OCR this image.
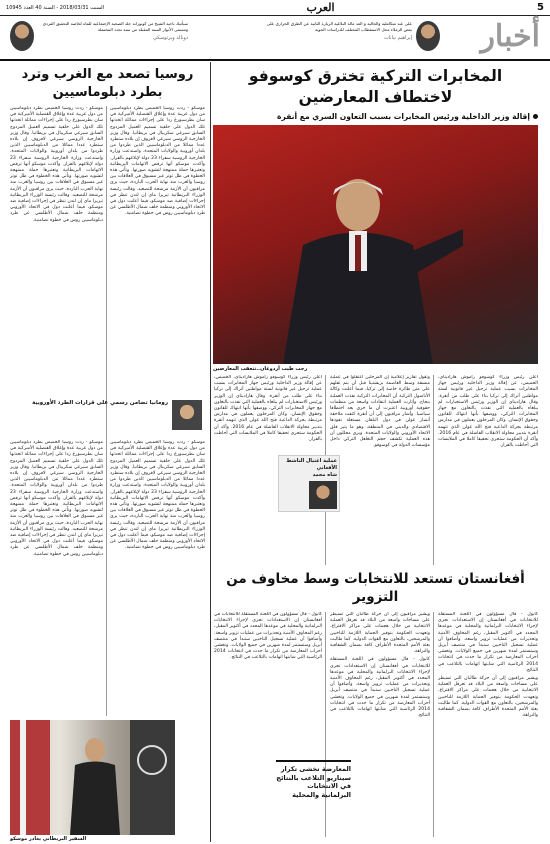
5
العرب
السبت 2018/03/31 - السنة 40 العدد 10945
أخبار
على عبد متكاملية والجالية و العد مالة البلاغية الزيارة الثانية عن الطرق الحراري على بعض الزملاء محل الاستقطاب المختلف للدراسات الجوية
إبراهيم بيانات
سيأتيك ناحية الشيخ من كونوزانه جلد الصحية الإجتماعية للماه لخاصة التحقيق الفردي ومسمى الأنوار السنة المقبلة من سنة تجدد المحتملة
دونالد ويرتوسكي
المخابرات التركية تخترق كوسوفو لاختطاف المعارضين
إقالة وزير الداخلية ورئيس المخابرات بسبب التعاون السري مع أنقرة
رجب طيب أردوغان..تتعقب المعارضين

أعلن رئيس وزراء كوسوفو راموش هاراديناي، الخميس، عن إقالة وزير الداخلية ورئيس جهاز المخابرات بسبب عملية ترحيل غير قانونية لستة مواطنين أتراك إلى تركيا بناء على طلب من أنقرة. وقال هاراديناي إن الوزير ورئيس الاستخبارات لم يبلغاه بالعملية التي نفذت بالتعاون مع جهاز المخابرات التركي، ووصفها بأنها انتهاك للقانون وحقوق الإنسان. وكان المرحلون يعملون في مدارس مرتبطة بحركة الداعية فتح الله غولن الذي تتهمه أنقرة بتدبير محاولة الانقلاب الفاشلة في عام 2016. وأكد أن الحكومة ستجري تحقيقا كاملا في الملابسات التي أحاطت بالقرار.

وتقول تقارير إعلامية إن المرحلين اعتقلوا في عملية منسقة وسط العاصمة بريشتينا قبل أن يتم نقلهم على متن طائرة خاصة إلى تركيا، فيما أعلنت وكالة الأناضول التركية أن المخابرات التركية نفذت العملية بنجاح. وأثارت العملية انتقادات واسعة من منظمات حقوقية أوروبية اعتبرت أن ما جرى يعد اختطافا سياسيا. وأشار مراقبون إلى أن أنقرة كثفت ملاحقة أنصار غولن في دول البلقان مستغلة نفوذها الاقتصادي والديني في المنطقة، وهو ما يثير قلق الاتحاد الأوروبي والولايات المتحدة. ويرى محللون أن هذه العملية تكشف حجم التغلغل التركي داخل مؤسسات الدولة في كوسوفو.

أعلن رئيس وزراء كوسوفو راموش هاراديناي، الخميس، عن إقالة وزير الداخلية ورئيس جهاز المخابرات بسبب عملية ترحيل غير قانونية لستة مواطنين أتراك إلى تركيا بناء على طلب من أنقرة. وقال هاراديناي إن الوزير ورئيس الاستخبارات لم يبلغاه بالعملية التي نفذت بالتعاون مع جهاز المخابرات التركي، ووصفها بأنها انتهاك للقانون وحقوق الإنسان. وكان المرحلون يعملون في مدارس مرتبطة بحركة الداعية فتح الله غولن الذي تتهمه أنقرة بتدبير محاولة الانقلاب الفاشلة في عام 2016. وأكد أن الحكومة ستجري تحقيقا كاملا في الملابسات التي أحاطت بالقرار.

عملية اغتيال الناشط الأفغاني
شاه محمد
روسيا تصعد مع الغرب وترد بطرد دبلوماسيين

موسكو - ردت روسيا الخميس بطرد دبلوماسيين من دول غربية عدة وإغلاق القنصلية الأميركية في سان بطرسبورغ ردا على إجراءات مماثلة اتخذتها تلك الدول على خلفية تسميم العميل المزدوج السابق سيرغي سكريبال في بريطانيا. وقال وزير الخارجية الروسي سيرغي لافروف إن بلاده ستطرد عددا مماثلا من الدبلوماسيين الذين طردوا من بلدان أوروبية والولايات المتحدة. واستدعت وزارة الخارجية الروسية سفراء 23 دولة لإبلاغهم بالقرار. وأكدت موسكو أنها ترفض الاتهامات البريطانية وتعتبرها حملة ممنهجة لتشويه صورتها. وتأتي هذه الخطوة في ظل توتر غير مسبوق في العلاقات بين روسيا والغرب منذ نهاية الحرب الباردة، حيث يرى مراقبون أن الأزمة مرشحة للتصعيد. وقالت رئيسة الوزراء البريطانية تيريزا ماي إن لندن تنظر في إجراءات إضافية ضد موسكو، فيما أعلنت دول في الاتحاد الأوروبي ومنظمة حلف شمال الأطلسي عن طرد دبلوماسيين روس في خطوة تضامنية.

موسكو - ردت روسيا الخميس بطرد دبلوماسيين من دول غربية عدة وإغلاق القنصلية الأميركية في سان بطرسبورغ ردا على إجراءات مماثلة اتخذتها تلك الدول على خلفية تسميم العميل المزدوج السابق سيرغي سكريبال في بريطانيا. وقال وزير الخارجية الروسي سيرغي لافروف إن بلاده ستطرد عددا مماثلا من الدبلوماسيين الذين طردوا من بلدان أوروبية والولايات المتحدة. واستدعت وزارة الخارجية الروسية سفراء 23 دولة لإبلاغهم بالقرار. وأكدت موسكو أنها ترفض الاتهامات البريطانية وتعتبرها حملة ممنهجة لتشويه صورتها. وتأتي هذه الخطوة في ظل توتر غير مسبوق في العلاقات بين روسيا والغرب منذ نهاية الحرب الباردة، حيث يرى مراقبون أن الأزمة مرشحة للتصعيد. وقالت رئيسة الوزراء البريطانية تيريزا ماي إن لندن تنظر في إجراءات إضافية ضد موسكو، فيما أعلنت دول في الاتحاد الأوروبي ومنظمة حلف شمال الأطلسي عن طرد دبلوماسيين روس في خطوة تضامنية.

رومانيا تضامن رسمي على قرارات الطرد الأوروبية

موسكو - ردت روسيا الخميس بطرد دبلوماسيين من دول غربية عدة وإغلاق القنصلية الأميركية في سان بطرسبورغ ردا على إجراءات مماثلة اتخذتها تلك الدول على خلفية تسميم العميل المزدوج السابق سيرغي سكريبال في بريطانيا. وقال وزير الخارجية الروسي سيرغي لافروف إن بلاده ستطرد عددا مماثلا من الدبلوماسيين الذين طردوا من بلدان أوروبية والولايات المتحدة. واستدعت وزارة الخارجية الروسية سفراء 23 دولة لإبلاغهم بالقرار. وأكدت موسكو أنها ترفض الاتهامات البريطانية وتعتبرها حملة ممنهجة لتشويه صورتها. وتأتي هذه الخطوة في ظل توتر غير مسبوق في العلاقات بين روسيا والغرب منذ نهاية الحرب الباردة، حيث يرى مراقبون أن الأزمة مرشحة للتصعيد. وقالت رئيسة الوزراء البريطانية تيريزا ماي إن لندن تنظر في إجراءات إضافية ضد موسكو، فيما أعلنت دول في الاتحاد الأوروبي ومنظمة حلف شمال الأطلسي عن طرد دبلوماسيين روس في خطوة تضامنية.

موسكو - ردت روسيا الخميس بطرد دبلوماسيين من دول غربية عدة وإغلاق القنصلية الأميركية في سان بطرسبورغ ردا على إجراءات مماثلة اتخذتها تلك الدول على خلفية تسميم العميل المزدوج السابق سيرغي سكريبال في بريطانيا. وقال وزير الخارجية الروسي سيرغي لافروف إن بلاده ستطرد عددا مماثلا من الدبلوماسيين الذين طردوا من بلدان أوروبية والولايات المتحدة. واستدعت وزارة الخارجية الروسية سفراء 23 دولة لإبلاغهم بالقرار. وأكدت موسكو أنها ترفض الاتهامات البريطانية وتعتبرها حملة ممنهجة لتشويه صورتها. وتأتي هذه الخطوة في ظل توتر غير مسبوق في العلاقات بين روسيا والغرب منذ نهاية الحرب الباردة، حيث يرى مراقبون أن الأزمة مرشحة للتصعيد. وقالت رئيسة الوزراء البريطانية تيريزا ماي إن لندن تنظر في إجراءات إضافية ضد موسكو، فيما أعلنت دول في الاتحاد الأوروبي ومنظمة حلف شمال الأطلسي عن طرد دبلوماسيين روس في خطوة تضامنية.

السفير البريطاني يغادر موسكو
أفغانستان تستعد للانتخابات وسط مخاوف من التزوير

كابول - قال مسؤولون في اللجنة المستقلة للانتخابات في أفغانستان إن الاستعدادات تجري لإجراء الانتخابات البرلمانية والمحلية في موعدها المحدد في أكتوبر المقبل، رغم المخاوف الأمنية وتحذيرات من عمليات تزوير واسعة. وأضافوا أن عملية تسجيل الناخبين ستبدأ في منتصف أبريل وستستمر لمدة شهرين في جميع الولايات. وتخشى أحزاب المعارضة من تكرار ما حدث في انتخابات 2014 الرئاسية التي شابتها اتهامات بالتلاعب في النتائج.

ويشير مراقبون إلى أن حركة طالبان التي تسيطر على مساحات واسعة من البلاد قد تعرقل العملية الانتخابية من خلال هجمات على مراكز الاقتراع. وتعهدت الحكومة بتوفير الحماية اللازمة للناخبين والمرشحين، بالتعاون مع القوات الدولية. كما طالبت بعثة الأمم المتحدة الأطراف كافة بضمان الشفافية والنزاهة.

ويشير مراقبون إلى أن حركة طالبان التي تسيطر على مساحات واسعة من البلاد قد تعرقل العملية الانتخابية من خلال هجمات على مراكز الاقتراع. وتعهدت الحكومة بتوفير الحماية اللازمة للناخبين والمرشحين، بالتعاون مع القوات الدولية. كما طالبت بعثة الأمم المتحدة الأطراف كافة بضمان الشفافية والنزاهة.

كابول - قال مسؤولون في اللجنة المستقلة للانتخابات في أفغانستان إن الاستعدادات تجري لإجراء الانتخابات البرلمانية والمحلية في موعدها المحدد في أكتوبر المقبل، رغم المخاوف الأمنية وتحذيرات من عمليات تزوير واسعة. وأضافوا أن عملية تسجيل الناخبين ستبدأ في منتصف أبريل وستستمر لمدة شهرين في جميع الولايات. وتخشى أحزاب المعارضة من تكرار ما حدث في انتخابات 2014 الرئاسية التي شابتها اتهامات بالتلاعب في النتائج.

كابول - قال مسؤولون في اللجنة المستقلة للانتخابات في أفغانستان إن الاستعدادات تجري لإجراء الانتخابات البرلمانية والمحلية في موعدها المحدد في أكتوبر المقبل، رغم المخاوف الأمنية وتحذيرات من عمليات تزوير واسعة. وأضافوا أن عملية تسجيل الناخبين ستبدأ في منتصف أبريل وستستمر لمدة شهرين في جميع الولايات. وتخشى أحزاب المعارضة من تكرار ما حدث في انتخابات 2014 الرئاسية التي شابتها اتهامات بالتلاعب في النتائج.

المعارضة تخشى تكرار سيناريو التلاعب بالنتائج في الانتخابات البرلمانية والمحلية
